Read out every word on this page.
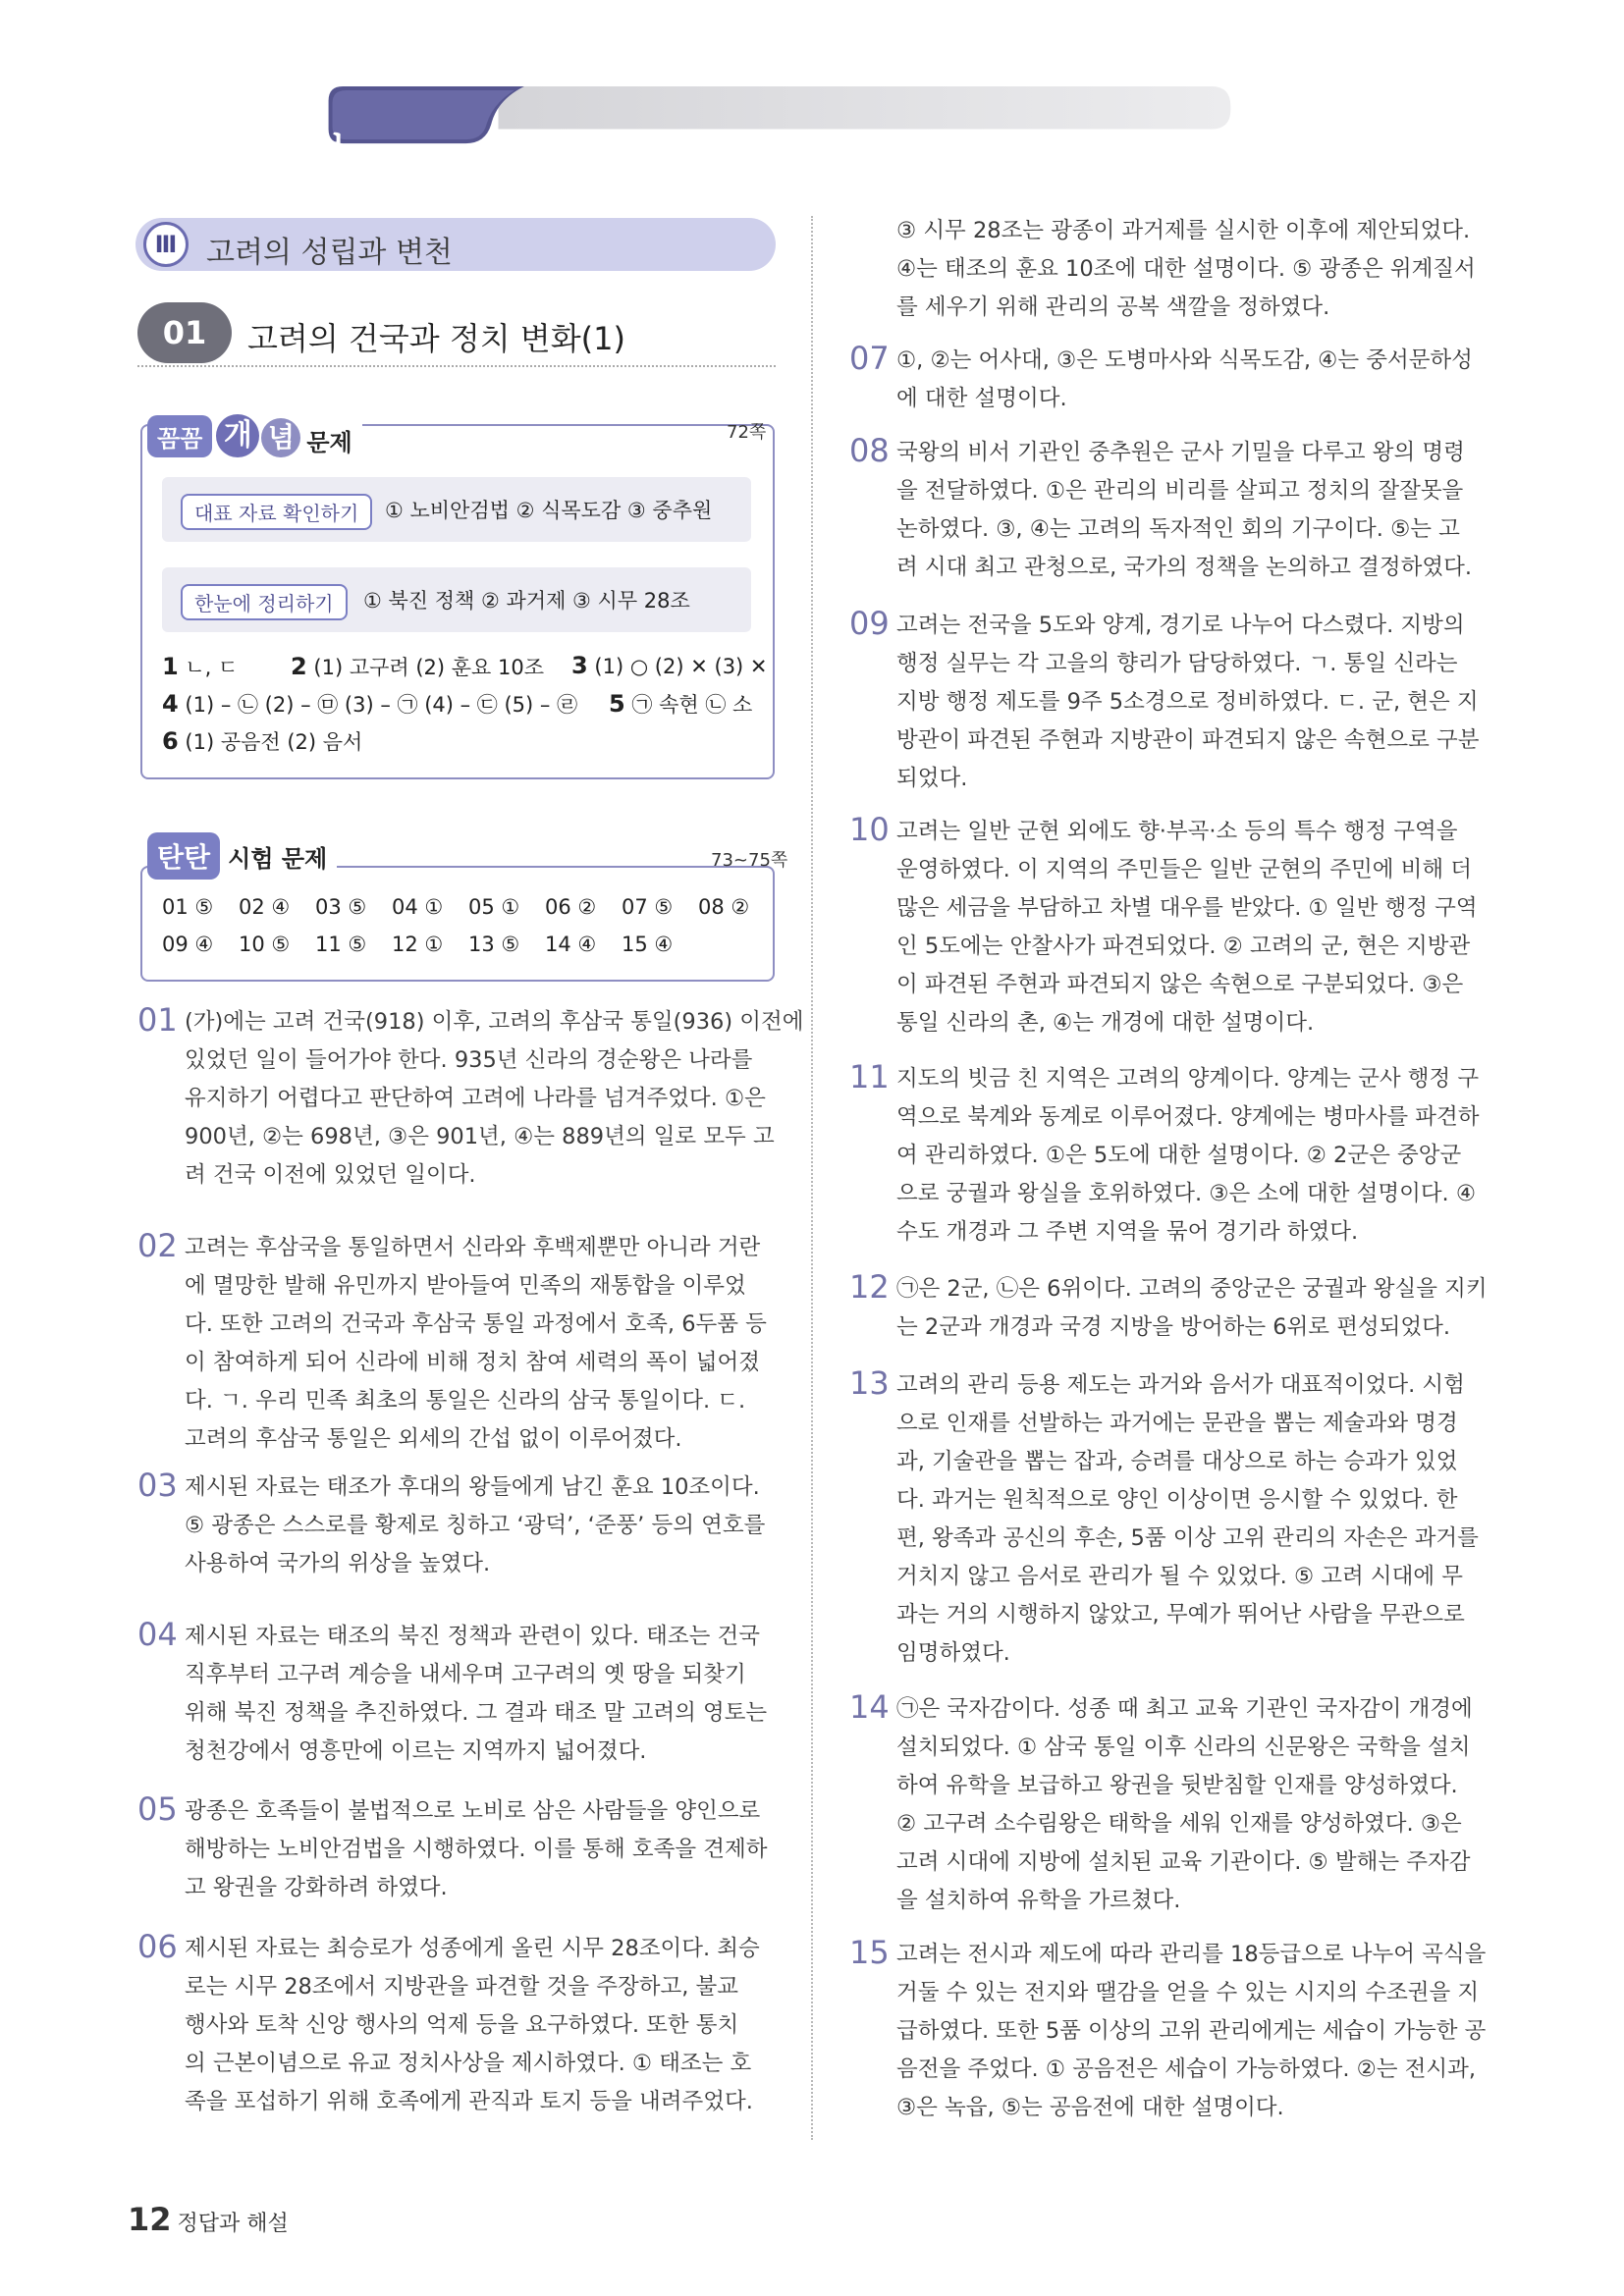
정답과 해설	1
Ⅲ 고려의 성립과 변천
01	고려의 건국과 정치 변화(1)
꼼꼼 개 념 문제	72쪽
대표 자료 확인하기	① 노비안검법 ② 식목도감 ③ 중추원
한눈에 정리하기	① 북진 정책 ② 과거제 ③ 시무 28조
1 ㄴ, ㄷ 2 (1) 고구려 (2) 훈요 10조 3 (1) ○ (2) ✕ (3) ✕
4 (1) – ㉡ (2) – ㉤ (3) – ㉠ (4) – ㉢ (5) – ㉣ 5 ㉠ 속현 ㉡ 소
6 (1) 공음전 (2) 음서
탄탄 시험 문제	73~75쪽
01 ⑤	02 ④	03 ⑤	04 ①	05 ①	06 ②	07 ⑤	08 ②
09 ④	10 ⑤	11 ⑤	12 ①	13 ⑤	14 ④	15 ④
01 (가)에는 고려 건국(918) 이후, 고려의 후삼국 통일(936) 이전에
있었던 일이 들어가야 한다. 935년 신라의 경순왕은 나라를
유지하기 어렵다고 판단하여 고려에 나라를 넘겨주었다. ①은
900년, ②는 698년, ③은 901년, ④는 889년의 일로 모두 고
려 건국 이전에 있었던 일이다.
02 고려는 후삼국을 통일하면서 신라와 후백제뿐만 아니라 거란
에 멸망한 발해 유민까지 받아들여 민족의 재통합을 이루었
다. 또한 고려의 건국과 후삼국 통일 과정에서 호족, 6두품 등
이 참여하게 되어 신라에 비해 정치 참여 세력의 폭이 넓어졌
다. ㄱ. 우리 민족 최초의 통일은 신라의 삼국 통일이다. ㄷ.
고려의 후삼국 통일은 외세의 간섭 없이 이루어졌다.
03 제시된 자료는 태조가 후대의 왕들에게 남긴 훈요 10조이다.
⑤ 광종은 스스로를 황제로 칭하고 ‘광덕’, ‘준풍’ 등의 연호를
사용하여 국가의 위상을 높였다.
04 제시된 자료는 태조의 북진 정책과 관련이 있다. 태조는 건국
직후부터 고구려 계승을 내세우며 고구려의 옛 땅을 되찾기
위해 북진 정책을 추진하였다. 그 결과 태조 말 고려의 영토는
청천강에서 영흥만에 이르는 지역까지 넓어졌다.
05 광종은 호족들이 불법적으로 노비로 삼은 사람들을 양인으로
해방하는 노비안검법을 시행하였다. 이를 통해 호족을 견제하
고 왕권을 강화하려 하였다.
06 제시된 자료는 최승로가 성종에게 올린 시무 28조이다. 최승
로는 시무 28조에서 지방관을 파견할 것을 주장하고, 불교
행사와 토착 신앙 행사의 억제 등을 요구하였다. 또한 통치
의 근본이념으로 유교 정치사상을 제시하였다. ① 태조는 호
족을 포섭하기 위해 호족에게 관직과 토지 등을 내려주었다.
③ 시무 28조는 광종이 과거제를 실시한 이후에 제안되었다.
④는 태조의 훈요 10조에 대한 설명이다. ⑤ 광종은 위계질서
를 세우기 위해 관리의 공복 색깔을 정하였다.
07 ①, ②는 어사대, ③은 도병마사와 식목도감, ④는 중서문하성
에 대한 설명이다.
08 국왕의 비서 기관인 중추원은 군사 기밀을 다루고 왕의 명령
을 전달하였다. ①은 관리의 비리를 살피고 정치의 잘잘못을
논하였다. ③, ④는 고려의 독자적인 회의 기구이다. ⑤는 고
려 시대 최고 관청으로, 국가의 정책을 논의하고 결정하였다.
09 고려는 전국을 5도와 양계, 경기로 나누어 다스렸다. 지방의
행정 실무는 각 고을의 향리가 담당하였다. ㄱ. 통일 신라는
지방 행정 제도를 9주 5소경으로 정비하였다. ㄷ. 군, 현은 지
방관이 파견된 주현과 지방관이 파견되지 않은 속현으로 구분
되었다.
10 고려는 일반 군현 외에도 향·부곡·소 등의 특수 행정 구역을
운영하였다. 이 지역의 주민들은 일반 군현의 주민에 비해 더
많은 세금을 부담하고 차별 대우를 받았다. ① 일반 행정 구역
인 5도에는 안찰사가 파견되었다. ② 고려의 군, 현은 지방관
이 파견된 주현과 파견되지 않은 속현으로 구분되었다. ③은
통일 신라의 촌, ④는 개경에 대한 설명이다.
11 지도의 빗금 친 지역은 고려의 양계이다. 양계는 군사 행정 구
역으로 북계와 동계로 이루어졌다. 양계에는 병마사를 파견하
여 관리하였다. ①은 5도에 대한 설명이다. ② 2군은 중앙군
으로 궁궐과 왕실을 호위하였다. ③은 소에 대한 설명이다. ④
수도 개경과 그 주변 지역을 묶어 경기라 하였다.
12 ㉠은 2군, ㉡은 6위이다. 고려의 중앙군은 궁궐과 왕실을 지키
는 2군과 개경과 국경 지방을 방어하는 6위로 편성되었다.
13 고려의 관리 등용 제도는 과거와 음서가 대표적이었다. 시험
으로 인재를 선발하는 과거에는 문관을 뽑는 제술과와 명경
과, 기술관을 뽑는 잡과, 승려를 대상으로 하는 승과가 있었
다. 과거는 원칙적으로 양인 이상이면 응시할 수 있었다. 한
편, 왕족과 공신의 후손, 5품 이상 고위 관리의 자손은 과거를
거치지 않고 음서로 관리가 될 수 있었다. ⑤ 고려 시대에 무
과는 거의 시행하지 않았고, 무예가 뛰어난 사람을 무관으로
임명하였다.
14 ㉠은 국자감이다. 성종 때 최고 교육 기관인 국자감이 개경에
설치되었다. ① 삼국 통일 이후 신라의 신문왕은 국학을 설치
하여 유학을 보급하고 왕권을 뒷받침할 인재를 양성하였다.
② 고구려 소수림왕은 태학을 세워 인재를 양성하였다. ③은
고려 시대에 지방에 설치된 교육 기관이다. ⑤ 발해는 주자감
을 설치하여 유학을 가르쳤다.
15 고려는 전시과 제도에 따라 관리를 18등급으로 나누어 곡식을
거둘 수 있는 전지와 땔감을 얻을 수 있는 시지의 수조권을 지
급하였다. 또한 5품 이상의 고위 관리에게는 세습이 가능한 공
음전을 주었다. ① 공음전은 세습이 가능하였다. ②는 전시과,
③은 녹읍, ⑤는 공음전에 대한 설명이다.
12 정답과 해설
